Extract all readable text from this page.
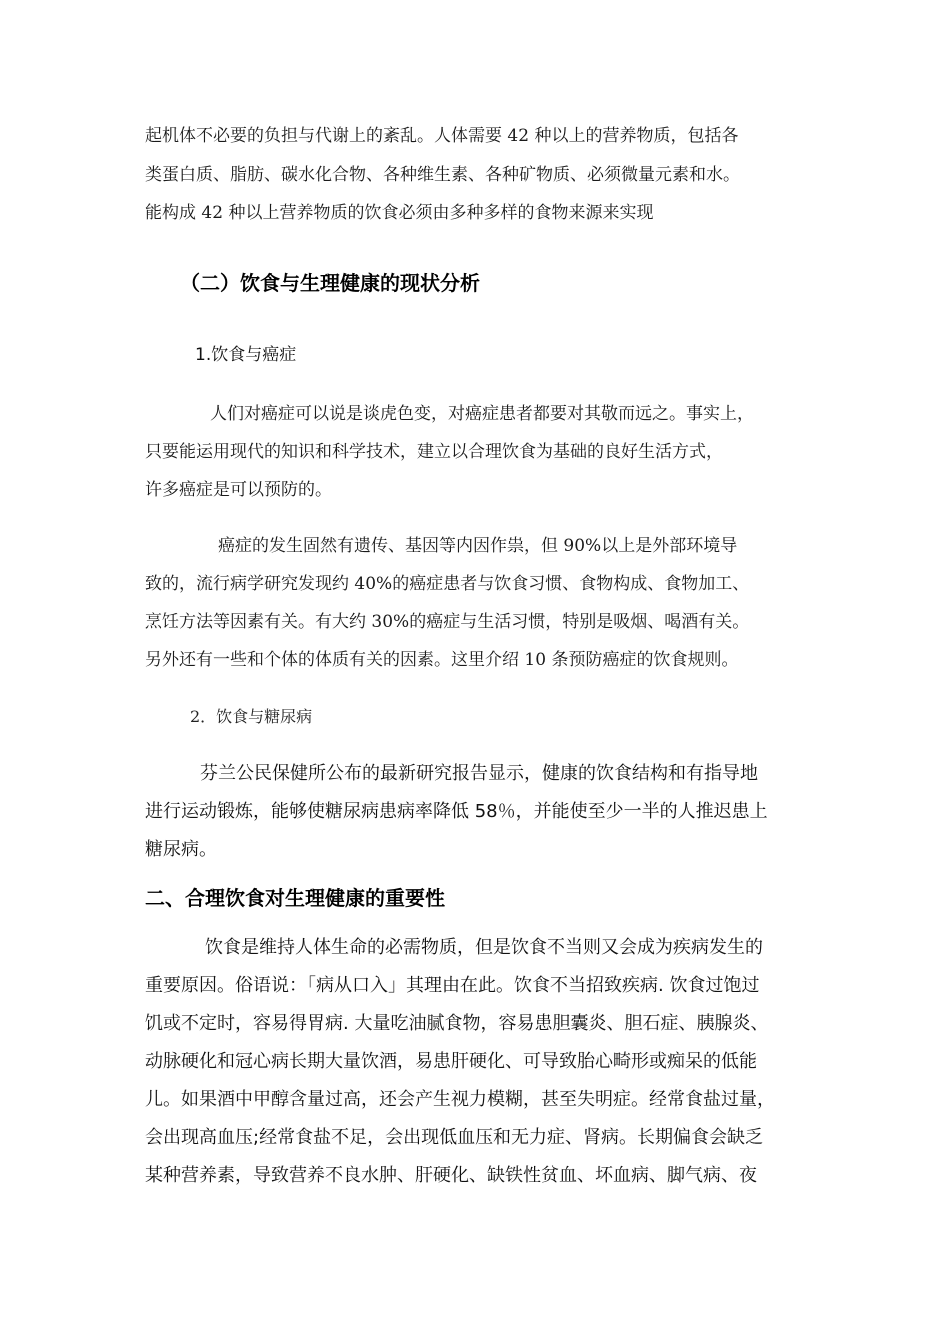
起机体不必要的负担与代谢上的紊乱。人体需要 42 种以上的营养物质，包括各
类蛋白质、脂肪、碳水化合物、各种维生素、各种矿物质、必须微量元素和水。
能构成 42 种以上营养物质的饮食必须由多种多样的食物来源来实现
（二）饮食与生理健康的现状分析
1.饮食与癌症
人们对癌症可以说是谈虎色变，对癌症患者都要对其敬而远之。事实上，
只要能运用现代的知识和科学技术，建立以合理饮食为基础的良好生活方式，
许多癌症是可以预防的。
癌症的发生固然有遗传、基因等内因作祟，但 90%以上是外部环境导
致的，流行病学研究发现约 40%的癌症患者与饮食习惯、食物构成、食物加工、
烹饪方法等因素有关。有大约 30%的癌症与生活习惯，特别是吸烟、喝酒有关。
另外还有一些和个体的体质有关的因素。这里介绍 10 条预防癌症的饮食规则。
2．饮食与糖尿病
芬兰公民保健所公布的最新研究报告显示，健康的饮食结构和有指导地
进行运动锻炼，能够使糖尿病患病率降低 58％，并能使至少一半的人推迟患上
糖尿病。
二、合理饮食对生理健康的重要性
饮食是维持人体生命的必需物质，但是饮食不当则又会成为疾病发生的
重要原因。俗语说：「病从口入」其理由在此。饮食不当招致疾病. 饮食过饱过
饥或不定时，容易得胃病. 大量吃油腻食物，容易患胆囊炎、胆石症、胰腺炎、
动脉硬化和冠心病长期大量饮酒，易患肝硬化、可导致胎心畸形或痴呆的低能
儿。如果酒中甲醇含量过高，还会产生视力模糊，甚至失明症。经常食盐过量，
会出现高血压;经常食盐不足，会出现低血压和无力症、肾病。长期偏食会缺乏
某种营养素，导致营养不良水肿、肝硬化、缺铁性贫血、坏血病、脚气病、夜
